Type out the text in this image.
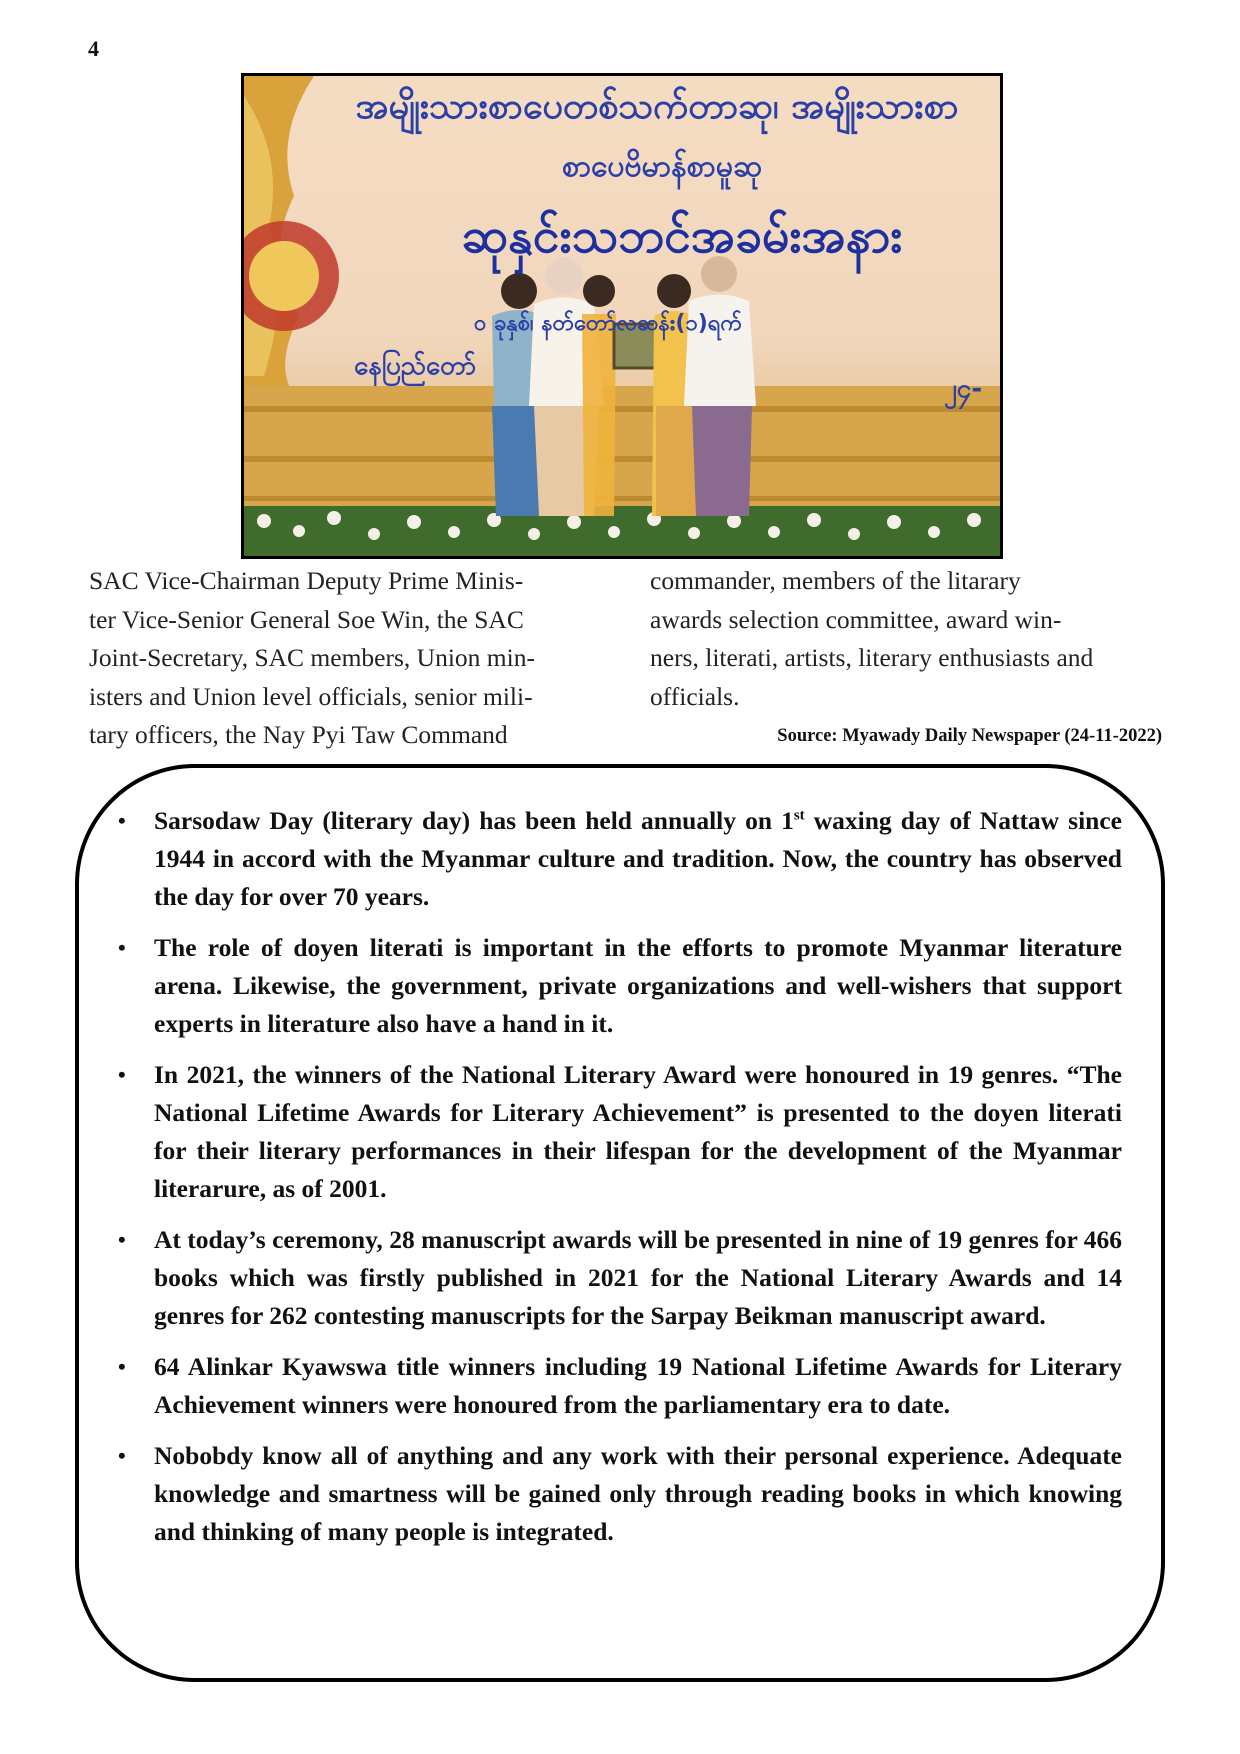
4
အမျိုးသားစာပေတစ်သက်တာဆု၊ အမျိုးသားစာ
စာပေဗိမာန်စာမူဆု
ဆုနှင်းသဘင်အခမ်းအနား
ဝ ခုနှစ်၊ နတ်တော်လဆန်း(၁)ရက်
နေပြည်တော်
၂၄-
SAC Vice-Chairman Deputy Prime Minis-
ter Vice-Senior General Soe Win, the SAC
Joint-Secretary, SAC members, Union min-
isters and Union level officials, senior mili-
tary officers, the Nay Pyi Taw Command
commander, members of the litarary
awards selection committee, award win-
ners, literati, artists, literary enthusiasts and
officials.
Source: Myawady Daily Newspaper (24-11-2022)
• Sarsodaw Day (literary day) has been held annually on 1st waxing day of Nattaw since 1944 in accord with the Myanmar culture and tradition. Now, the country has observed the day for over 70 years.
• The role of doyen literati is important in the efforts to promote Myanmar literature arena. Likewise, the government, private organizations and well-wishers that support experts in literature also have a hand in it.
• In 2021, the winners of the National Literary Award were honoured in 19 genres. “The National Lifetime Awards for Literary Achievement” is presented to the doyen literati for their literary performances in their lifespan for the development of the Myanmar literarure, as of 2001.
• At today’s ceremony, 28 manuscript awards will be presented in nine of 19 genres for 466 books which was firstly published in 2021 for the National Literary Awards and 14 genres for 262 contesting manuscripts for the Sarpay Beikman manuscript award.
• 64 Alinkar Kyawswa title winners including 19 National Lifetime Awards for Literary Achievement winners were honoured from the parliamentary era to date.
• Nobobdy know all of anything and any work with their personal experience. Adequate knowledge and smartness will be gained only through reading books in which knowing and thinking of many people is integrated.
